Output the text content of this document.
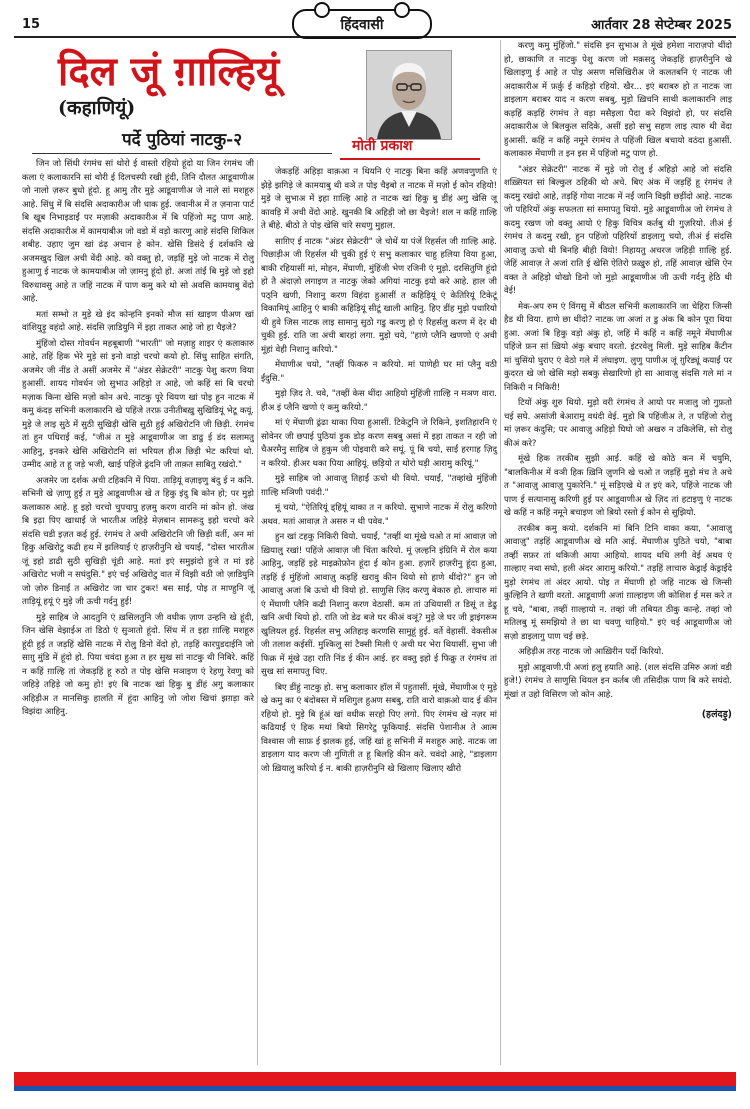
15	हिंदवासी	आर्तवार 28 सेप्टेम्बर 2025
दिल जूं ग़ाल्हियूं
(कहाणियूं)
मोती प्रकाश
पर्दे पुठियां नाटकु-२

जिन जो सिंधी रंगमंच सां थोरो ई वास्तो रहियो हूंदो या जिन रंगमंच जी कला एं कलाकारनि सां थोरी ई दिलचस्पी रखी हूंदी, तिनि दौलत आडूवाणीअ जो नालो ज़रूर बुधो हूंदो. हू आमु तौर मुड़े आडूवाणीअ जे नाले सां मशहूरु आहे. सिंधु में बि संदसि अदाकारीअ जी धाक हुई. जवानीअ में त ज़नाना पार्ट बि खूब निभाइडाईं पर मज़ाकी अदाकारीअ में बि पहिंजो मटु पाण आहे. संदसि अदाकारीअ में कामयाबीअ जो वडो में वड़ो कारणु आहे संदसि शिकिल शबीह. उहाए जुम खां ढंढ़ अचान हे कोन. खेसि डिसंदे ई दर्शकनि खे अजमखुद खिल अची वेंदी आहे. को वक्तु हो, जड़हिं मुड़े जो नाटक में रोलु हुआणु ई नाटक जे कामयाबीअ जो ज़ामनु हूंदो हो. अजां तांईं बि मुड़े जो इहो विरुधावसु आहे त जहिं नाटक में पाण कमु करे थो सो अवसि कामयाबु वेंदो आहे.

मतां सम्भो त मुड़े खे इंद कोन्हनि इनको मौज सां खाइण पीअण खां वांशियुड़ु वहंदो आहे. संदसि ज़ाडियुनि में इहा ताकत आहे जो हा चैइजे?

मुंहिंजो दोस्त गोवर्धन महबूबाणी "भारती" जो मज़ाहु शाइर एं कलाकारु आहे, तहिं हिक भेरे मुड़े सां इनो वाड़ो चरचो कयो हो. सिंधु साहित संगति, अजमेर जी नींड ते असीं अजमेर में "अंडर सेक्रेटरी" नाटकु पेशु करण विया हुआसीं. शायद गोवर्धन जो सुभाउ अहिड़ो त आहे, जो कहिं सां बि चरचो मज़ाक किना खेसि मज़ो कोन अचे. नाटकु पूरे थियण खां पोइ हुन नाटक में कमु कंदड़ सभिनी कलाकारनि खे पहिंजे तरफ़ उनीतीबख़ु सुखिडियूं भेटू कयूं. मुड़े जे लाइ सुठे में सुठी सुखिड़ी खेसि सुठी हुई अखिरोटनि जी छिड़ी. रंगमंच तां हुन पधिराईं कई, "जीअं त मुड़े आडूवाणीअ जा डाढु ई डंद सलामतु आहिनु, इनकरे खेसि अखिरोटनि सां भरियल हीअ छिड़ी भेट करियां थो. उम्मीद आहे त हू जड़े भजी, खाई पहिंजे ढ्रंदनि जी ताक़त साबितु रखंदो."

अजमेर जा दर्शक अची टहिकनि में पिया. ताड़ियूं वज़ाइणु बंदु ई न कनि. सभिनी खे ज़ाणु हुई त मुड़े आडूवाणीअ खे त हिकु इंदु बि कोन हो; पर मुड़ो कलाकारु आहे. हू इहो चरचो चुपचापु हज़मु करण वारनि मां कोन हो. जंख बि इढ़ा पिए खाधाईं जे भारतीअ जहिड़े मेज़बान सामरूदु इहो चरचो करे संदसि चडी इज़त कई हुई. रंगमंच ते अची अखिरोटनि जी छिड़ी वर्ती, अन मां हिकु अखिरोटु कढी हथ में झलियाईं एं हाज़रीनुनि खे चयाईं, "दोस्त भारतीअ जूं इहो डाढी सुठी सुखिड़ी चूंडी आहे. मतां इएं समुझंदो हुजे त मां इहे अखिरोट भजी न सघंदुसि." इएं चई अखिरोटु वात में विझी वठी जो ज़ाडियुनि जो ज़ोरु डिनाईं त अखिरोट जा चार टुकर! बस साईं, पोइ त माण्हुनि जूं ताड़ियूं हयूं एं मुड़े जी ऊची गर्दनु हुई!

मुड़े साहिब जे आदतुनि एं ख़सिलतुनि जी वधीक ज़ाण उन्हनि खे हूंदी, जिन खेसि वेझाईअ तां डिठो एं सुञातो हूंदो. सिंध में त इहा ग़ाल्हि मशहूरु हूंदी हुई त जड़हिं खेसि नाटक में रोलु डिनो वेंदो हो, तड़हिं कारपुडदाईनि जो साग़ु मुंडि में हूंदो हो. पिया चवंदा हुआ त हर सुख सां नाटकु थी निबिरे. कहिं न कहिं ग़ाल्हि तां जेकड़हिं हू रुठो त पोइ खेसि मञाइण एं रेहणु रेवणु को जहिड़े तहिड़े जो कमु हो! इएं बि नाटक खां हिकु बु डींहं अगु कलाकार अहिड़ीअ त मानसिकु हालति में हूंदा आहिनु जो जोश खिचां झग़ड़ा करे विझंदा आहिनु.

जेकड़हिं अहिड़ा वाक़आ न थियनि एं नाटकु बिना कहिं अणवणुणति एं झेड़े झगिड़े जे कामयाबु थी वञे त पोइ चैइबो त नाटक में मज़ो ई कोन रहियो! मुड़े जे सुभाअ में इहा ग़ाल्हि आहे त नाटक खां हिकु बु डींहं अगु खेसि जू कावड़ि में अची वेंदो आहे. खुनकी बि अहिड़ी जो छा चैइजे! शल न कहिं ग़ाल्हि ते बीहे. बीठो ते पोइ खेसि चांरे सधणु मुहाल.

साग़िए ई नाटक "अंडर सेक्रेटरी" जे चोथें या पंजें रिहर्सल जी ग़ाल्हि आहे. पिछाड़ीअ जी रिहर्सल थी चुकी हुई एं सभु कलाकार चाहु हलिया विया हुआ, बाकी रहियासीं मां, मोहन, मेंघाणी, मुंहिंजी भेण रजिनी एं मुड़ो. दरसितुणि हूंदो हो तै अंदाज़ो लगाइण त नाटकु जेको अगियां नाटकु इयो करे आहे. हाल जी पठ्नि खणी, निशानु करण विहंदा हुआसीं त कहिड़ियूं एं केतिरियूं टिकेटूं विकामियूं आहिनु एं बाकी कहिड़ियूं सीटूं खाली आहिनु. हिए डींह मुड़ो पधारियो थी हुवे जिस नाटक लाइ सामानु सुठो गडु करणु हो एं रिहर्सलु करण में देर थी चुकी हुई. राति जा अची बारहां लगा. मुड़ो चये, "हाणे प्लैनि खणणो एं अची मूंहां वेही निशानु करियो."

मेंघाणीअ चयो, "तव्हीं फिकरु न करियो. मां पाणेही घर मां प्लैनु वठी ईंदुसि."

मुड़ो ज़िद ते. चवे, "तव्हीं केस थींदा आहियो मुंहिंजी ग़ाल्हि न मञण वारा. हीअ इं प्लैनि खणो एं कमु करियो."

मां एं मेंघाणी ढ्रंढा थाका पिया हुआसीं. टिकेटुनि जे रिकिने, इशतिहारनि एं सोवेनर जी छपाई पुठियां ड़ुक डोड़ करण सबबु असां में इहा ताकत न रही जो चैअरमैनु साहिब जे हुकुम जी पोइवारी करे सघूं. पूं बि चयो, साईं हरगाह ज़िदु न करियो. हीअर थका पिया आहियूं. छड़ियो त थोरो घड़ी आरामु करियूं."

मुड़े साहिब जो आवाज़ु तिहाईं ऊचो थी वियो. चयाईं, "तव्हांखे मुंहिंजी ग़ाल्हि मञिणी पवंदी."

मूं चयो, "ऐतिरियूं ड्हियूं थाका त न करियो. सुभाणे नाटक में रोलु करिणो अथव. मतां आवाज़ ते असरु न थी पवेव."

हुन खां टहकु निकिरी वियो. चयाईं, "तव्हीं था मूंखे चओ त मां आवाज़ जो ख़ियालु रखां! पहिंजे आवाज़ जी चिंता करियो. मूं ज़ल्हनि इंग्रिनि में रोल कया आहिनु, जड़हिं इहे माइक्रोफ़ोन हूंदा ई कोन हुआ. हज़ारें हाज़रीनु हूंदा हुआ, तड़हिं ई मुंहिंजो आवाज़ु कड़हिं खरावु कीन थियो सो हाणे थींदो?" हुन जो आवाज़ु अजां बि ऊचो थी वियो हो. साणुसि ज़िद करणु बेकारु हो. लाचारु मां एं मेंघाणी प्लैनि कढी निशानु करण वेठासीं. कम तां उथियासीं त डिसूं त डेढु खनि अची थियो हो. राति जो डेढ बजे घर कीअं वञूं? मुड़े जे घर जी ड्राइंगरूम खुलियल हुई. रिहर्सल सभु अतिहाइ करणसि सामुहूं हुई. वर्ते वेहासीं. वेकसीअ जी तलाश कईसीं. मुश्किलु सां टैक्सी मिली एं अची घर भेरा थियासीं. सुभा जी फिक्र में मूंखे उहा राति निंड ई कीन आई. हर वक्तु इहो ई फिक्रु त रंगमंच तां सुख सां समापतु थिए.

बिए डींहुं नाटकु हो. सभु कलाकार हॉल में पहुतासीं. मूंखे, मेंघाणीअ एं मुड़े खे कमु का एं बंदोबस्त में मशिगुल हुअण सबबु, राति वारो वाक़ओ याद ई कीन रहियो हो. मुड़े बि हूंअं खां वधीक सरहो पिए लगो. पिए रंगमंच खे नज़र मां कढियाईं एं हिक मथां बियो सिगरेटु फूकियाईं. संदसि पेशानीअ ते आत्म विश्वास जी साफ़ ई झलक हुई, जहिं खां हू सभिनी में मशहूरु आहे. नाटक जा डाइलाग याद करण जी गुणिती त हू बिलहि कीन करे. चवंदो आहे, "डाइलाग जो ख़ियालु करियो ई न. बाकी हाज़रीनुनि खे खिलाए खिलाए खीरो

करणु कमु मुंहिंजो." संदसि इन सुभाअ ते मूंखे हमेशा नाराज़पो थींदो हो, छाकाणि त नाटकु पेशु करण जो मक़सदु जेकड़हिं हाज़रीनुनि खे खिलाइणु ई आहे त पोइ असण मसिखिरीअ जे कलतबनि एं नाटक जी अदाकारीअ में फ़र्क़ु ई कहिड़ो रहियो. खैर... इएं बराबरु हो त नाटक जा डाइलाग बराबर याद न करण सबबु, मुड़ो ख़िचनि साथी कलाकारनि लाइ कड़हिं कड़हिं रंगमंच ते वड़ा मसैइला पैदा करे विझंदो हो, पर संदसि अदाकारीअ जे बिलकुल सदिके, असीं इहो सभु सहण लाइ त्यारु थी वेंदा हुआसीं. कहिं न कहिं नमूने रंगमंच ते पहिंजी खिल बचायो वठंदा हुआसीं. कलाकारु मेंघाणी त इन इस में पहिंजो मटु पाण हो.

"अंडर सेक्रेटरी" नाटक में मुड़े जो रोलु ई अहिड़ो आहे जो संदसि शख़्सियत सां बिल्कुल ठहिकी थो अचे. बिए अंक में जड़हिं हू रंगमंच ते कदमु रखंदो आहे, तड़हिं गोया नाटक में नईं जानि विझी छड़ींदो आहे. नाटक जो पहिरियों अंकु सफलता सां समापतु थियो. मुड़े आडूवाणीअ जो रंगमंच ते कदमु रखण जो वक्तु आयो एं हिकु विचित्र कर्तबु थी गुज़रियो. तीअं ई रंगमंच ते कदमु रखी, हुन पहिंजो पहिरियों डाइलागु चयो, तीअं ई संदसि आवाज़ु ऊचो थी बिनहि बीही वियो! निहायतु अचरज जहिड़ी ग़ाल्हि हुई. जेहिं आवाज़ ते अजां राति ई खेसि ऐतिरो फ़ख़ुरु हो, तहिं आवाज़ खेसि ऐन वक्त ते अहिड़ो धोखो डिनो जो मुड़ो आडूवाणीअ जी ऊची गर्दनु हेठि थी वेई!

मेक-अप रुम एं विंगसु में बीठल सभिनी कलाकारनि जा चेहिरा जिन्सी हैड थी विया. हाणे छा थींदो? नाटक जा अजां त डु अंक बि कोन पूरा थिया हुआ. अजां बि हिकु वड़ो अंकु हो, जहिं में कहिं न कहिं नमूने मेंघाणीअ पहिंजे फ़न सां ख़ियो अंकु बचाए वरतो. इंटरवेलु मिली. मुड़े साहिब कैंटीन मां चुसिंयो घुराए एं वेठो गले में लंघाइण. लुणु पाणीअ जूं ग़ुरिड्यूं कयाईं पर कुदरत खे जो खेसि मड़ो सबकु सेखारिणो हो सा आवाज़ु संदसि गले मां न निकिरी न निकिरी!

टियों अंकु शुरु थियो. मुड़ो वरी रंगमंच ते आयो पर मजालु जो गुफ़तो चई सघे. असांजी बेआरामु वधंदी वेई. मुड़ो बि पहिंजीअ ते, त पहिंजो रोलु मां ज़रूर कंदुसि; पर आवाज़ु अहिड़ो घिघो जो अखरु न उकिलेसि, सो रोलु कीअं करे?

मूंखे हिक तरकीब सुझी आई. कहिं खे कोठे कन में चयुमि, "बालकिनीअ में वञी हिक ख़िनि ज़ुणनि खे चओ त जड़हिं मुड़ो मंच ते अचे त "आवाज़ु आवाज़ु पुकारेनि." मूं सड़िएखे थे त इएं करे, पहिंजे नाटक जी पाण ई सत्यानासु करिणी हुई पर आडूवाणीअ खे ज़िद तां हटाइणु एं नाटक खे कहिं न कहिं नमूने बचाइण जो ब़ियो रस्तो ई कोन से सुझियो.

तरकीब कमु कयो. दर्शकनि मां बिनि टिनि वाका कया, "आवाज़ु आवाज़ु" तड़हिं आडूवाणीअ खे मति आई. मेंघाणीअ पुठिते चयो, "बाबा तव्हीं सफ़र तां थकिजी आया आहियो. शायद थधि लगी वेई अथव एं ग़ाल्हाए नथा सघो, हली अंदर आरामु करियो." तड़हिं लाचारु केड्राईं केड्राईंदे मुड़ो रंगमंच तां अंदर आयो. पोइ त मेंघाणी हो जहिं नाटक खे जिन्सी कुल्हिनि ते खणी वरतो. आडूवाणी अजां ग़ाल्हाइण जी कोशिश ई मस करे त हू चवे, "बाबा, तव्हीं ग़ाल्हायो न. तव्हां जी तबियत ठीकु कान्हे. तव्हां जो मतिलबु मूं समझियो ते छा था चवणु चाहियो." इएं चई आडूवाणीअ जो सज़ो डाइलागु पाण चई छड़े.

अहिड़ीअ तरह नाटक जो आख़िरीन पर्दो किरियो.

मुड़ो आडूवाणी.पी अजां हलु हयाति आहे. (शल संदसि उमिरु अजां वडी हुजे!) रंगमंच ते साणुसि थियल इन कर्तब जी तसिदीक़ पाण बि करे सघंदो. मूंखां त उहो विसिरण जो कोन आहे.

(हलंदड़ु)
